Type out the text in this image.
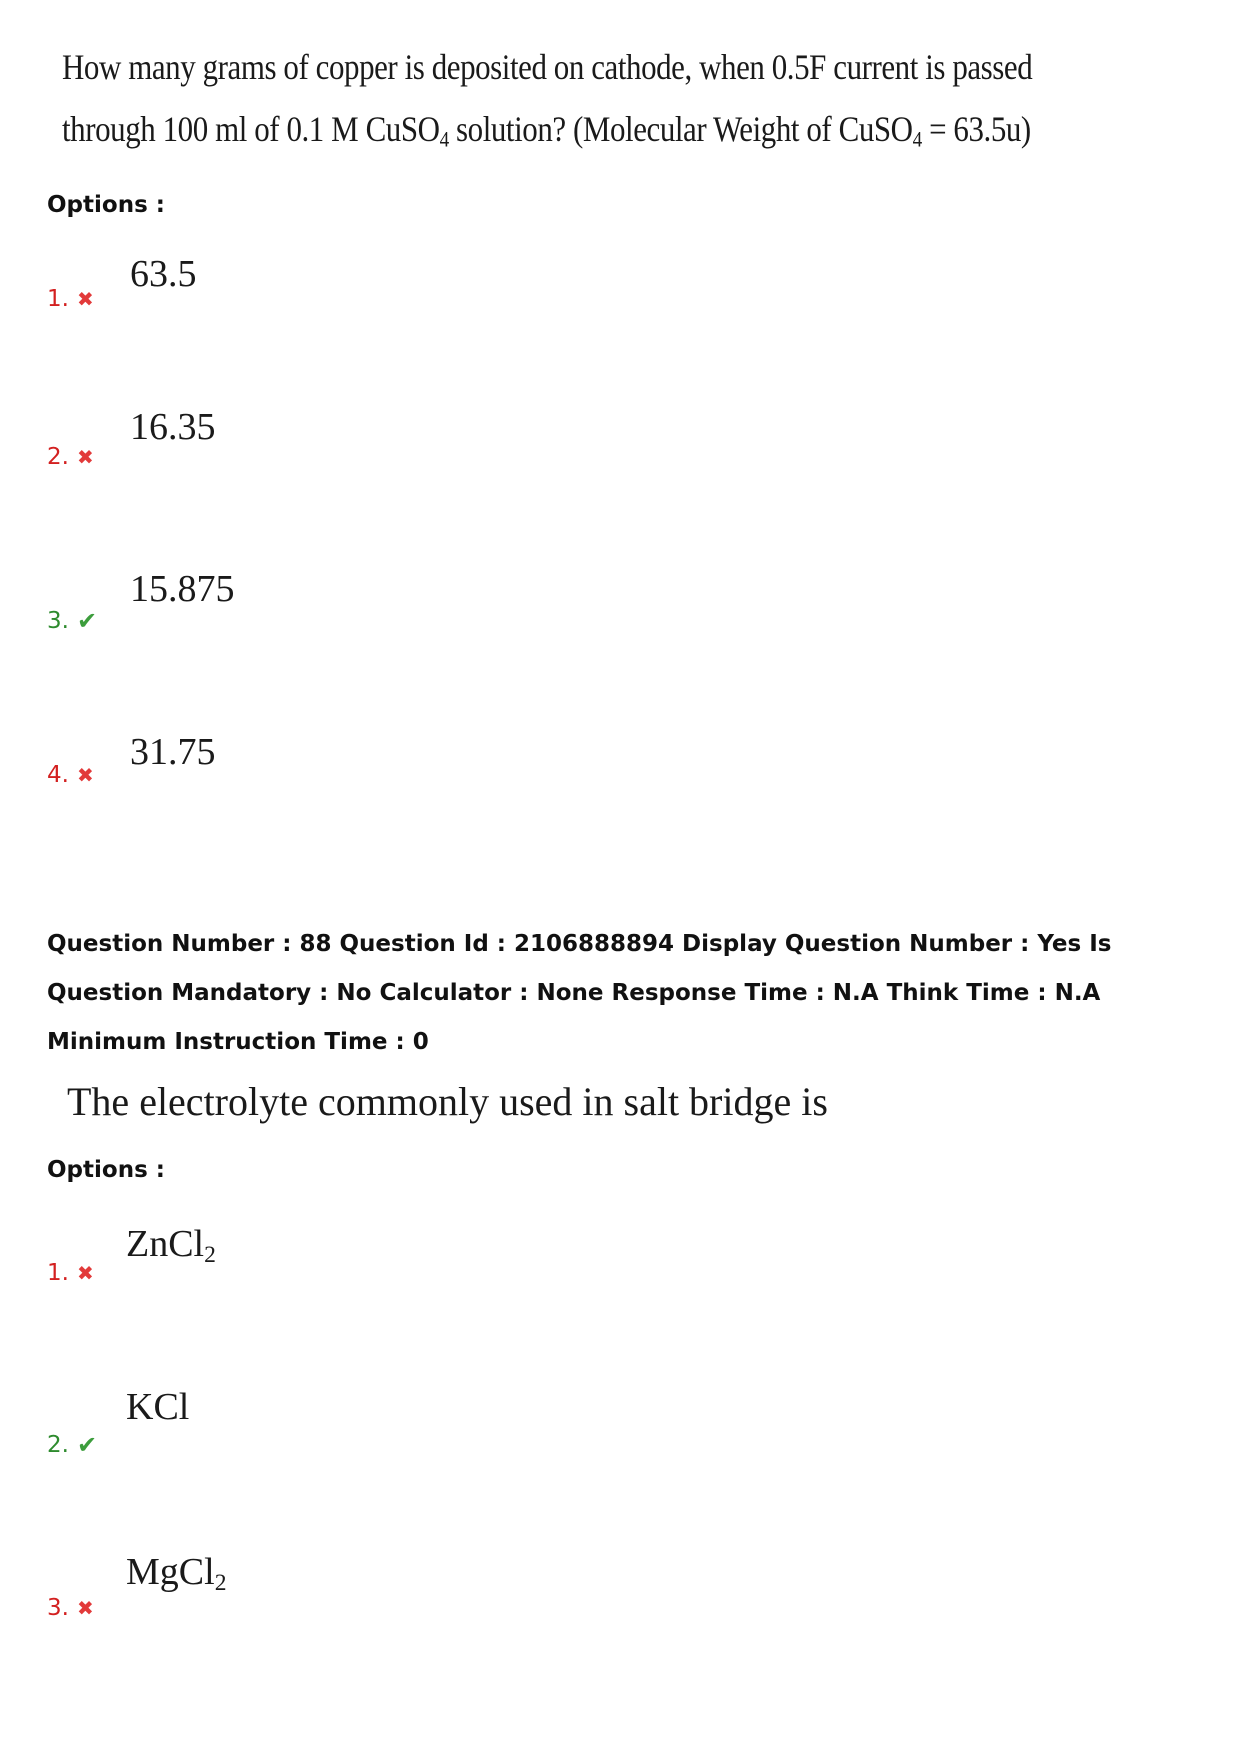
How many grams of copper is deposited on cathode, when 0.5F current is passed
through 100 ml of 0.1 M CuSO$_4$ solution? (Molecular Weight of CuSO$_4$ = 63.5u)
Options :
63.5
1. ✖
16.35
2. ✖
15.875
3. ✔
31.75
4. ✖
Question Number : 88 Question Id : 2106888894 Display Question Number : Yes Is Question Mandatory : No Calculator : None Response Time : N.A Think Time : N.A Minimum Instruction Time : 0
The electrolyte commonly used in salt bridge is
Options :
ZnCl$_2$
1. ✖
KCl
2. ✔
MgCl$_2$
3. ✖
